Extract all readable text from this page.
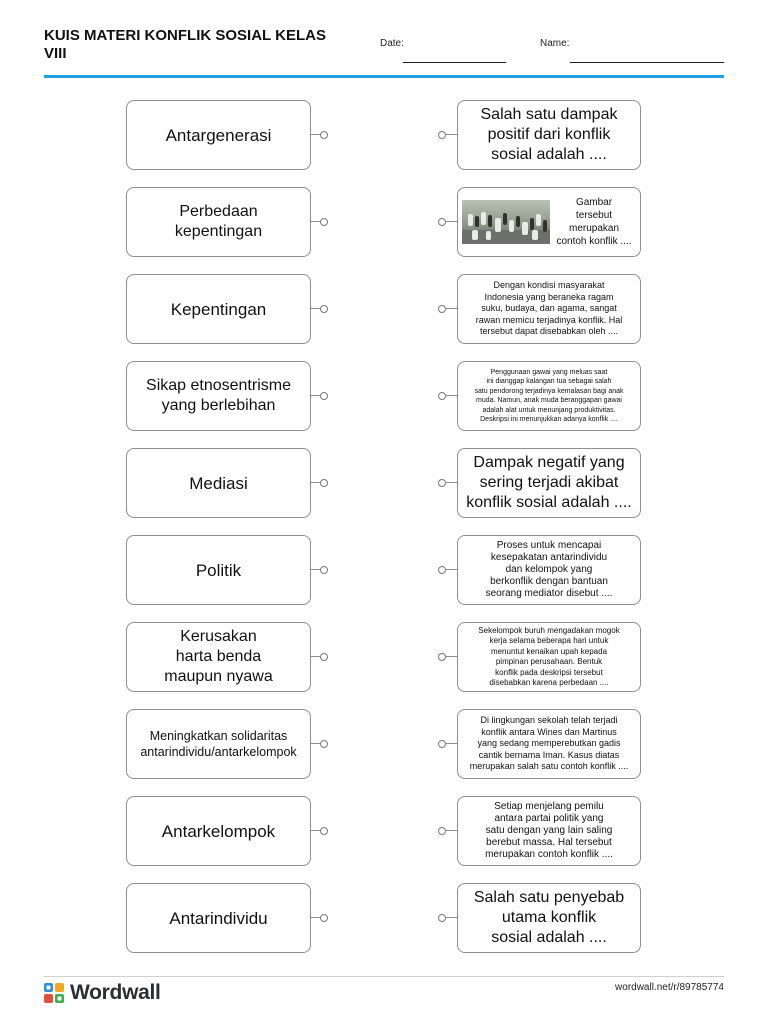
KUIS MATERI KONFLIK SOSIAL KELAS VIII
Date:	Name:
Antargenerasi
Perbedaan
kepentingan
Kepentingan
Sikap etnosentrisme
yang berlebihan
Mediasi
Politik
Kerusakan
harta benda
maupun nyawa
Meningkatkan solidaritas
antarindividu/antarkelompok
Antarkelompok
Antarindividu
Salah satu dampak
positif dari konflik
sosial adalah ....
Gambar
tersebut
merupakan
contoh konflik ....
Dengan kondisi masyarakat
Indonesia yang beraneka ragam
suku, budaya, dan agama, sangat
rawan memicu terjadinya konflik. Hal
tersebut dapat disebabkan oleh ....
Penggunaan gawai yang meluas saat
ini dianggap kalangan tua sebagai salah
satu pendorong terjadinya kemalasan bagi anak
muda. Namun, anak muda beranggapan gawai
adalah alat untuk menunjang produktivitas.
Deskripsi ini menunjukkan adanya konflik ....
Dampak negatif yang
sering terjadi akibat
konflik sosial adalah ....
Proses untuk mencapai
kesepakatan antarindividu
dan kelompok yang
berkonflik dengan bantuan
seorang mediator disebut ....
Sekelompok buruh mengadakan mogok
kerja selama beberapa hari untuk
menuntut kenaikan upah kepada
pimpinan perusahaan. Bentuk
konflik pada deskripsi tersebut
disebabkan karena perbedaan ....
Di lingkungan sekolah telah terjadi
konflik antara Wines dan Martinus
yang sedang memperebutkan gadis
cantik bernama Iman. Kasus diatas
merupakan salah satu contoh konflik ....
Setiap menjelang pemilu
antara partai politik yang
satu dengan yang lain saling
berebut massa. Hal tersebut
merupakan contoh konflik ....
Salah satu penyebab
utama konflik
sosial adalah ....
Wordwall	wordwall.net/r/89785774
